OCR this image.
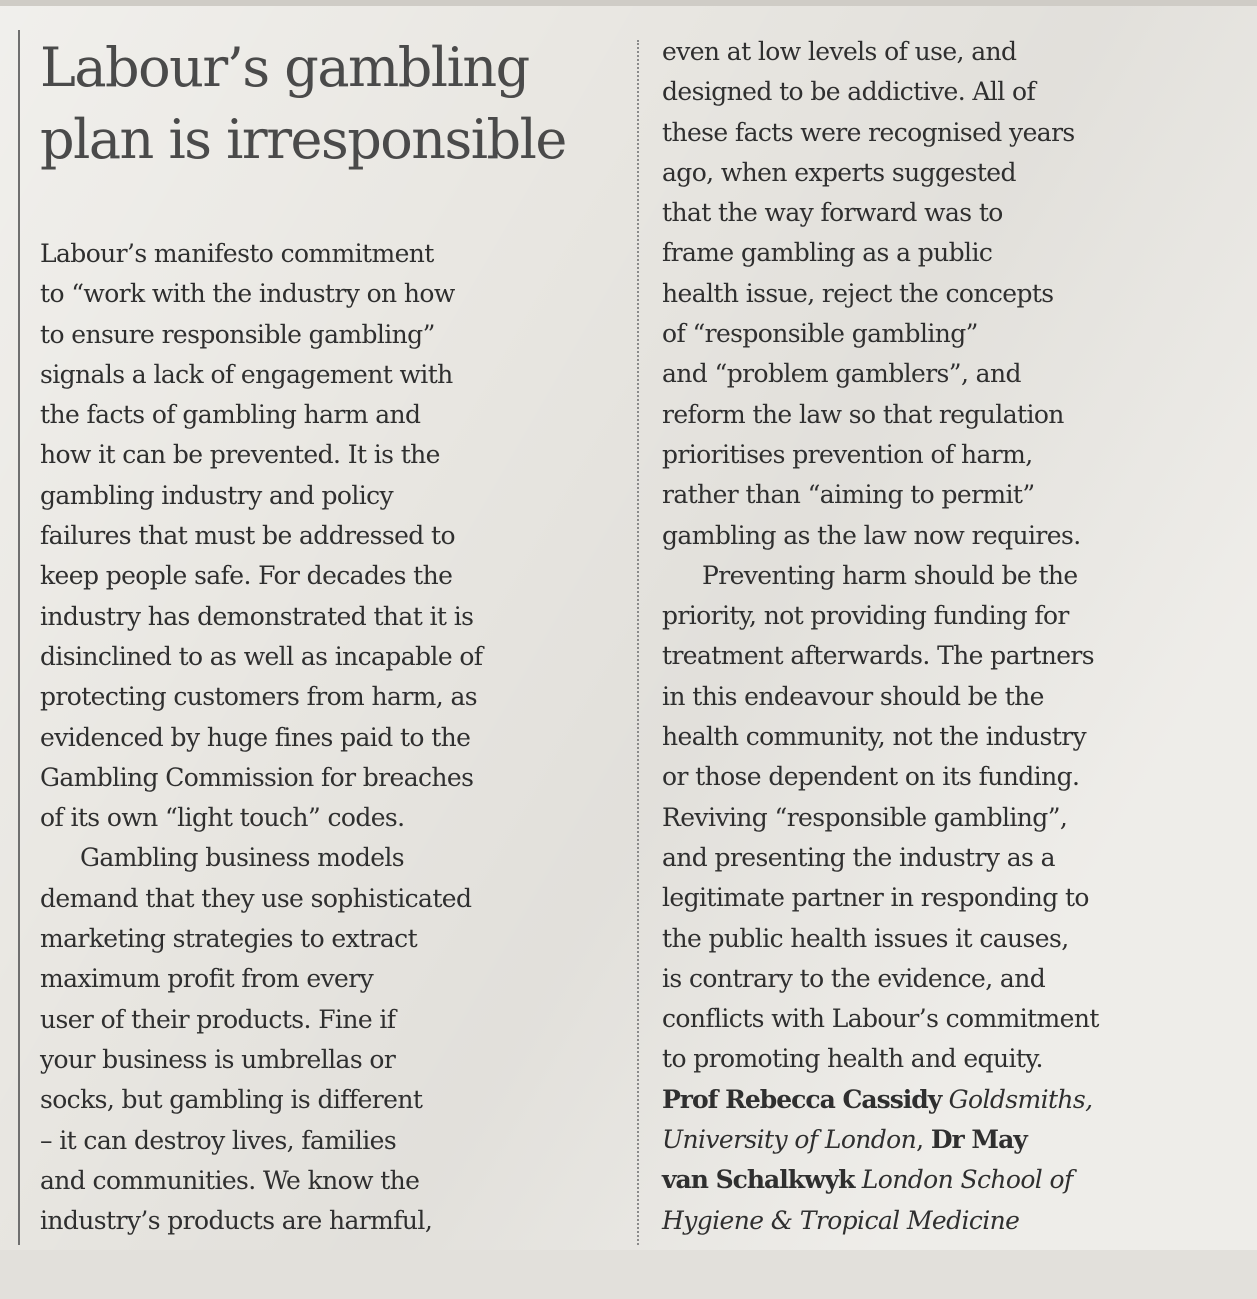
Labour’s gambling
plan is irresponsible
Labour’s manifesto commitment
to “work with the industry on how
to ensure responsible gambling”
signals a lack of engagement with
the facts of gambling harm and
how it can be prevented. It is the
gambling industry and policy
failures that must be addressed to
keep people safe. For decades the
industry has demonstrated that it is
disinclined to as well as incapable of
protecting customers from harm, as
evidenced by huge fines paid to the
Gambling Commission for breaches
of its own “light touch” codes.
Gambling business models
demand that they use sophisticated
marketing strategies to extract
maximum profit from every
user of their products. Fine if
your business is umbrellas or
socks, but gambling is different
– it can destroy lives, families
and communities. We know the
industry’s products are harmful,
even at low levels of use, and
designed to be addictive. All of
these facts were recognised years
ago, when experts suggested
that the way forward was to
frame gambling as a public
health issue, reject the concepts
of “responsible gambling”
and “problem gamblers”, and
reform the law so that regulation
prioritises prevention of harm,
rather than “aiming to permit”
gambling as the law now requires.
Preventing harm should be the
priority, not providing funding for
treatment afterwards. The partners
in this endeavour should be the
health community, not the industry
or those dependent on its funding.
Reviving “responsible gambling”,
and presenting the industry as a
legitimate partner in responding to
the public health issues it causes,
is contrary to the evidence, and
conflicts with Labour’s commitment
to promoting health and equity.
Prof Rebecca Cassidy Goldsmiths,
University of London, Dr May
van Schalkwyk London School of
Hygiene & Tropical Medicine
